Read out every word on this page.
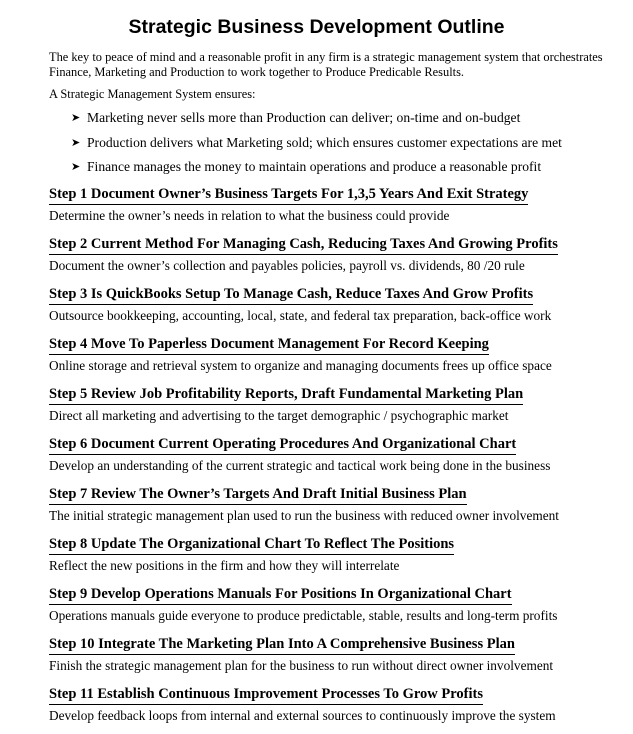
Strategic Business Development Outline
The key to peace of mind and a reasonable profit in any firm is a strategic management system that orchestrates Finance, Marketing and Production to work together to Produce Predicable Results.
A Strategic Management System ensures:
➤ Marketing never sells more than Production can deliver; on-time and on-budget
➤ Production delivers what Marketing sold; which ensures customer expectations are met
➤ Finance manages the money to maintain operations and produce a reasonable profit
Step 1 Document Owner’s Business Targets For 1,3,5 Years And Exit Strategy
Determine the owner’s needs in relation to what the business could provide
Step 2 Current Method For Managing Cash, Reducing Taxes And Growing Profits
Document the owner’s collection and payables policies, payroll vs. dividends, 80 /20 rule
Step 3 Is QuickBooks Setup To Manage Cash, Reduce Taxes And Grow Profits
Outsource bookkeeping, accounting, local, state, and federal tax preparation, back-office work
Step 4 Move To Paperless Document Management For Record Keeping
Online storage and retrieval system to organize and managing documents frees up office space
Step 5 Review Job Profitability Reports, Draft Fundamental Marketing Plan
Direct all marketing and advertising to the target demographic / psychographic market
Step 6 Document Current Operating Procedures And Organizational Chart
Develop an understanding of the current strategic and tactical work being done in the business
Step 7 Review The Owner’s Targets And Draft Initial Business Plan
The initial strategic management plan used to run the business with reduced owner involvement
Step 8 Update The Organizational Chart To Reflect The Positions
Reflect the new positions in the firm and how they will interrelate
Step 9 Develop Operations Manuals For Positions In Organizational Chart
Operations manuals guide everyone to produce predictable, stable, results and long-term profits
Step 10 Integrate The Marketing Plan Into A Comprehensive Business Plan
Finish the strategic management plan for the business to run without direct owner involvement
Step 11 Establish Continuous Improvement Processes To Grow Profits
Develop feedback loops from internal and external sources to continuously improve the system
